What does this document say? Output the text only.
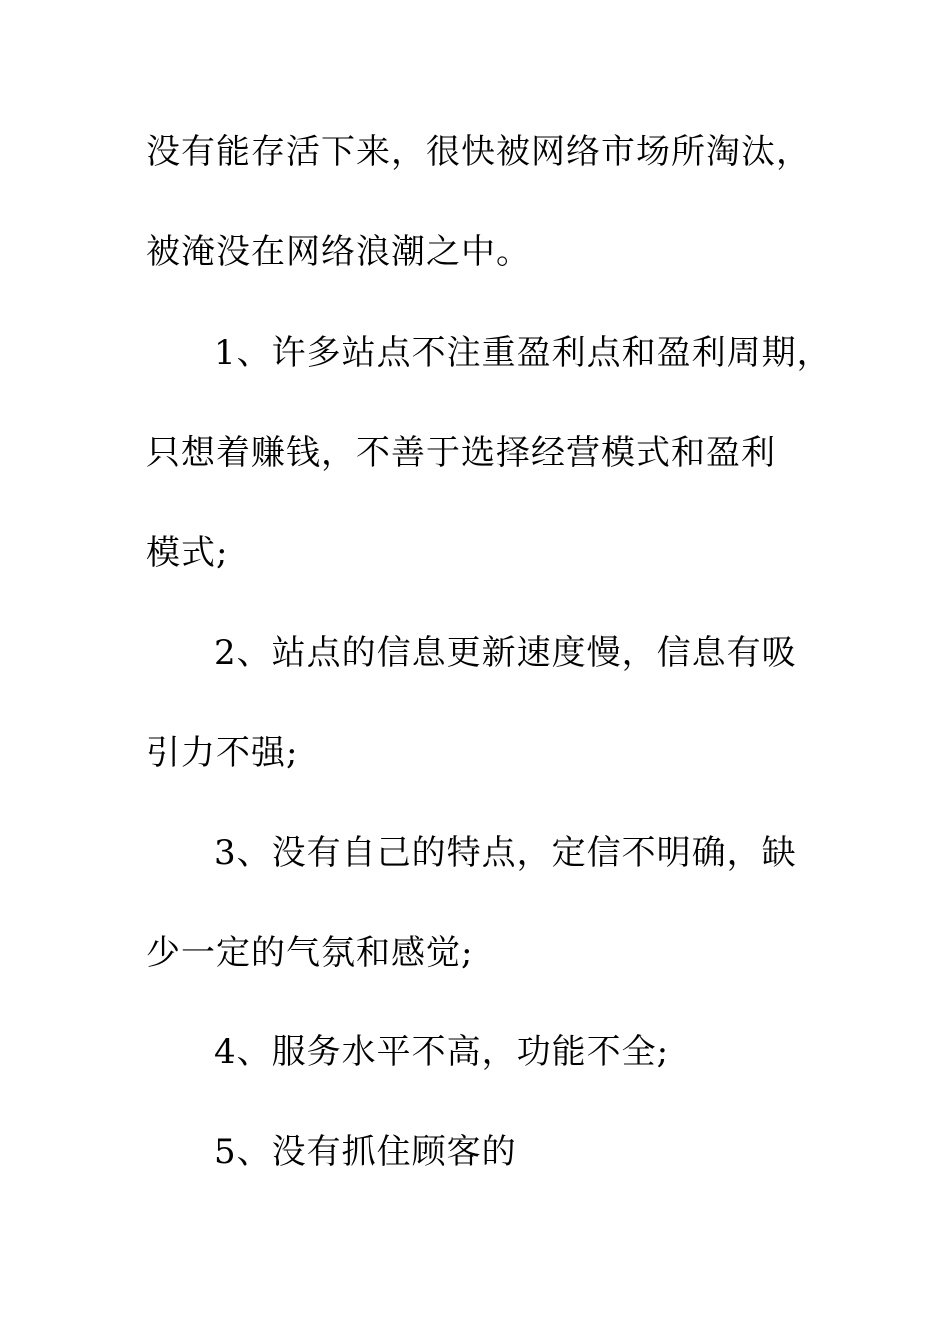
没有能存活下来，很快被网络市场所淘汰，
被淹没在网络浪潮之中。
1、许多站点不注重盈利点和盈利周期，
只想着赚钱，不善于选择经营模式和盈利
模式;
2、站点的信息更新速度慢，信息有吸
引力不强;
3、没有自己的特点，定信不明确，缺
少一定的气氛和感觉;
4、服务水平不高，功能不全;
5、没有抓住顾客的
